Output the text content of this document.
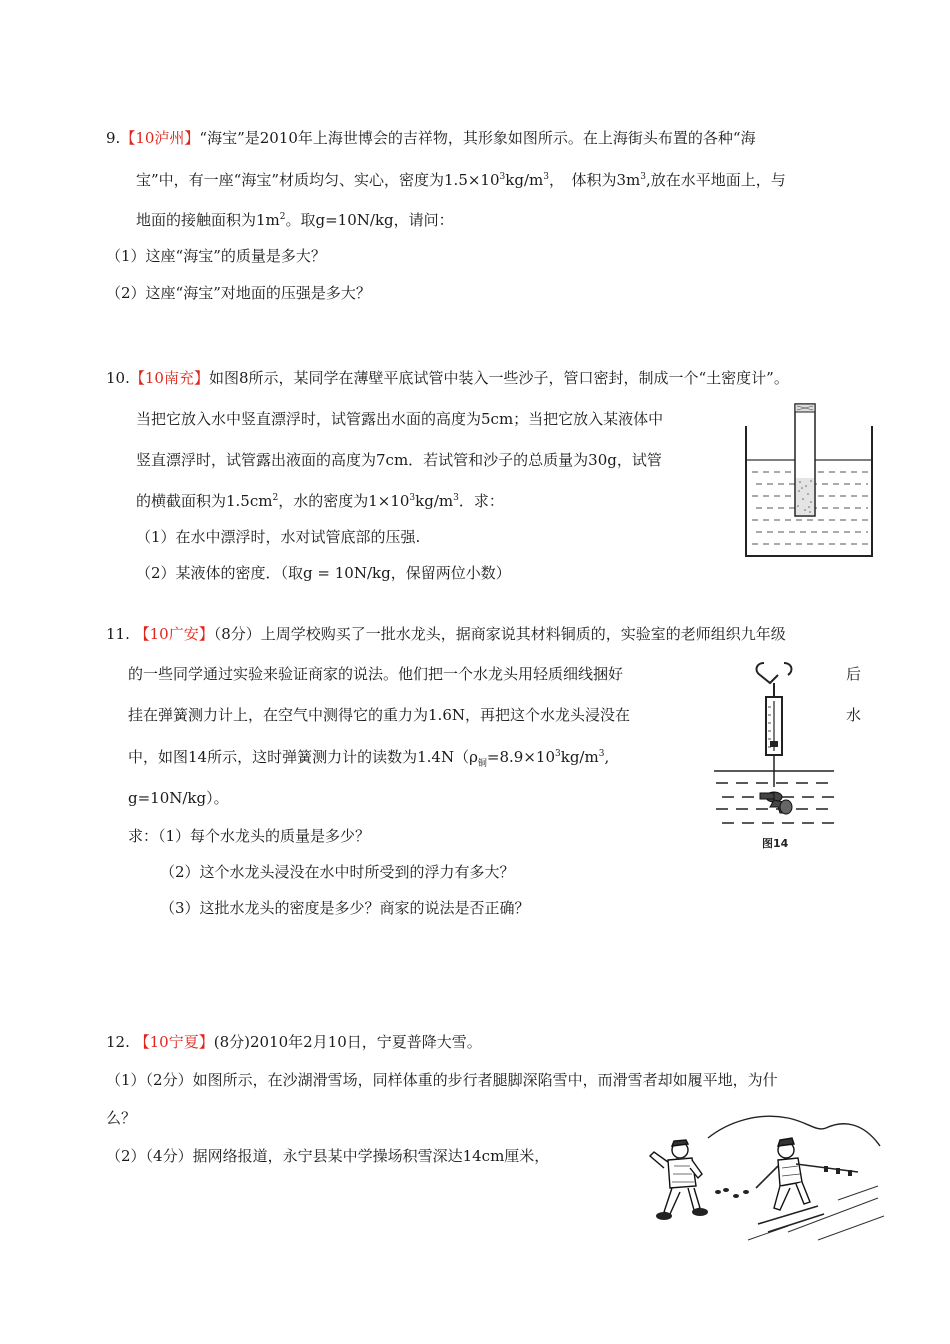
9.【10泸州】“海宝”是2010年上海世博会的吉祥物，其形象如图所示。在上海街头布置的各种“海
宝”中，有一座“海宝”材质均匀、实心，密度为$1.5\times 10^3kg/m^3$，　体积为$3m^3$,放在水平地面上，与
地面的接触面积为$1m^2$。取g=10N/kg，请问：
（1）这座“海宝”的质量是多大？
（2）这座“海宝”对地面的压强是多大？
10.【10南充】如图8所示，某同学在薄壁平底试管中装入一些沙子，管口密封，制成一个“土密度计”。
当把它放入水中竖直漂浮时，试管露出水面的高度为5cm；当把它放入某液体中
竖直漂浮时，试管露出液面的高度为7cm．若试管和沙子的总质量为30g，试管
的横截面积为$1.5cm^2$，水的密度为$1\times 10^3kg/m^3$．求：
（1）在水中漂浮时，水对试管底部的压强.
（2）某液体的密度．（取g = 10N/kg，保留两位小数）
11. 【10广安】（8分）上周学校购买了一批水龙头，据商家说其材料铜质的，实验室的老师组织九年级
的一些同学通过实验来验证商家的说法。他们把一个水龙头用轻质细线捆好	后
挂在弹簧测力计上，在空气中测得它的重力为1.6N，再把这个水龙头浸没在	水
中，如图14所示，这时弹簧测力计的读数为$1.4N(\rho_铜=8.9\times 10^3kg/m^3$,
g=10N/kg）。
求：（1）每个水龙头的质量是多少？
（2）这个水龙头浸没在水中时所受到的浮力有多大？
（3）这批水龙头的密度是多少？商家的说法是否正确？
图14
12. 【10宁夏】(8分)2010年2月10日，宁夏普降大雪。
（1）（2分）如图所示，在沙湖滑雪场，同样体重的步行者腿脚深陷雪中，而滑雪者却如履平地，为什
么？
（2）（4分）据网络报道，永宁县某中学操场积雪深达14cm厘米，
